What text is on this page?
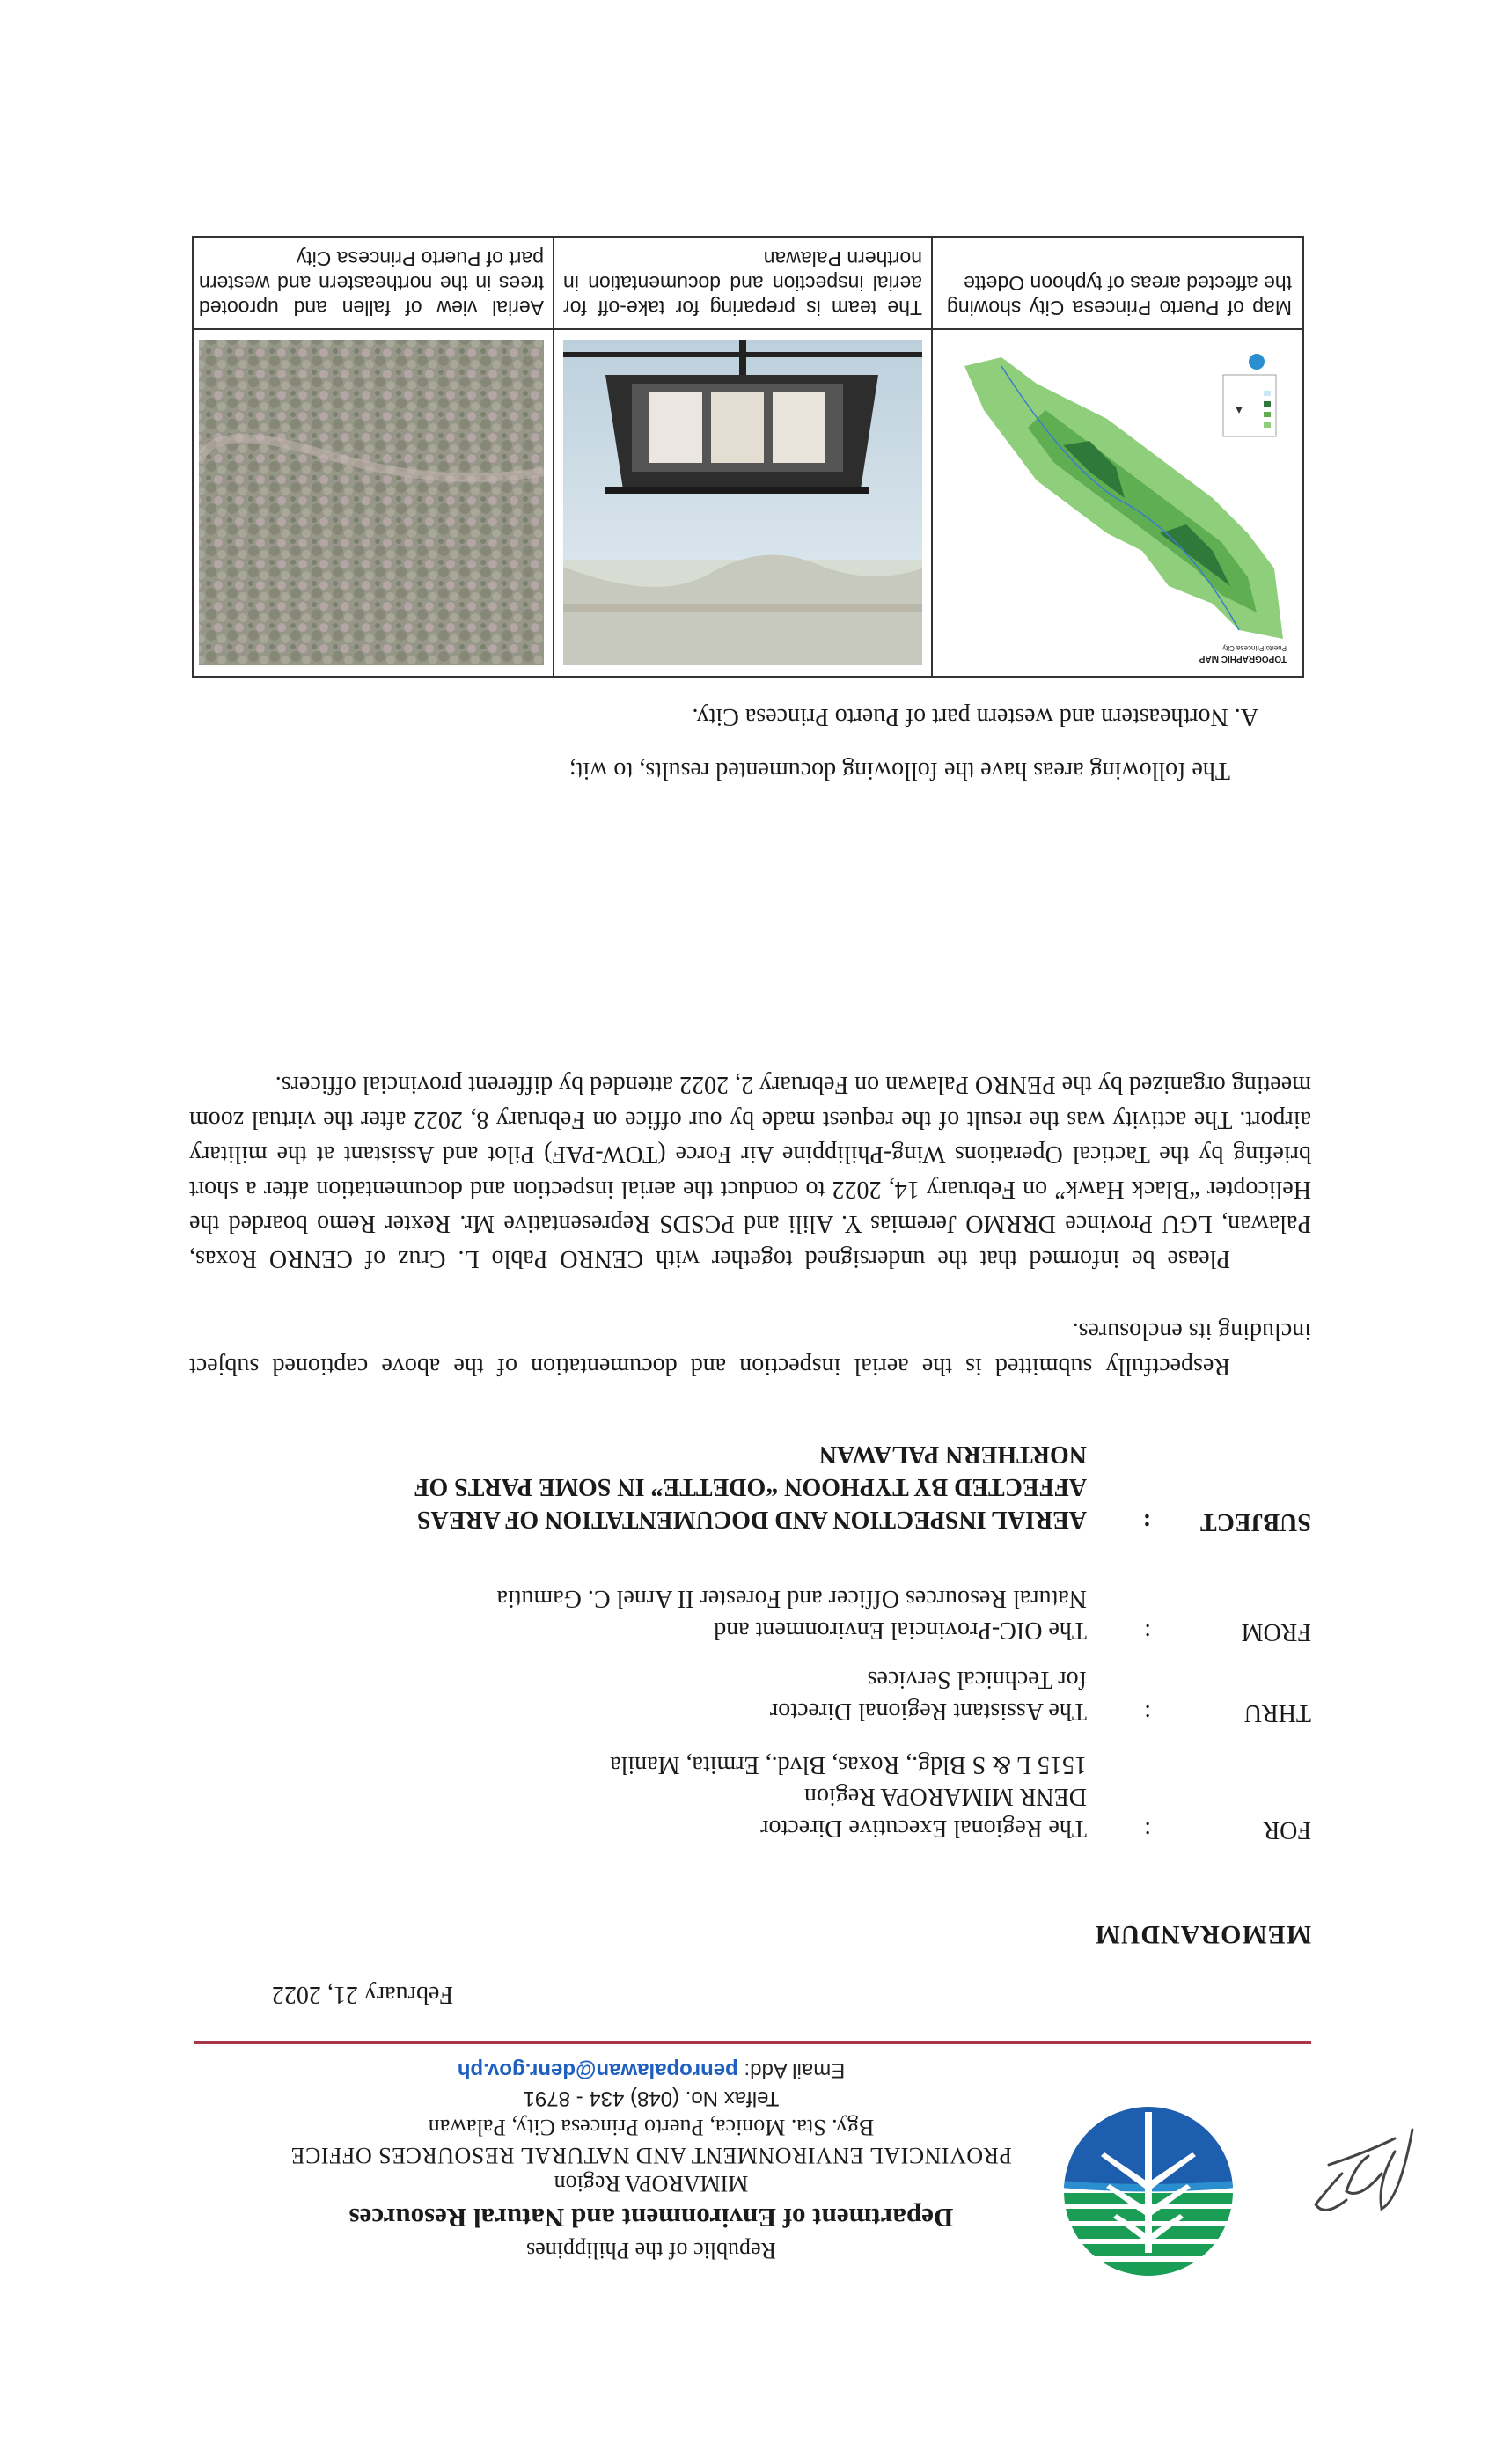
Republic of the Philippines
Department of Environment and Natural Resources
MIMAROPA Region
PROVINCIAL ENVIRONMENT AND NATURAL RESOURCES OFFICE
Bgy. Sta. Monica, Puerto Princesa City, Palawan
Telfax No. (048) 434 - 8791
Email Add: penropalawan@denr.gov.ph
February 21, 2022
MEMORANDUM
FOR
:
The Regional Executive Director
DENR MIMAROPA Region
1515 L & S Bldg., Roxas, Blvd., Ermita, Manila
THRU
:
The Assistant Regional Director
for Technical Services
FROM
:
The OIC-Provincial Environment and
Natural Resources Officer and Forester II Arnel C. Gamutia
SUBJECT
:
AERIAL INSPECTION AND DOCUMENTATION OF AREAS
AFFECTED BY TYPHOON “ODETTE” IN SOME PARTS OF
NORTHERN PALAWAN
Respectfully submitted is the aerial inspection and documentation of the above captioned subject including its enclosures.
Please be informed that the undersigned together with CENRO Pablo L. Cruz of CENRO Roxas, Palawan, LGU Province DRRMO Jeremias Y. Alili and PCSDS Representative Mr. Rexter Remo boarded the Helicopter “Black Hawk” on February 14, 2022 to conduct the aerial inspection and documentation after a short briefing by the Tactical Operations Wing-Philippine Air Force (TOW-PAF) Pilot and Assistant at the military airport. The activity was the result of the request made by our office on February 8, 2022 after the virtual zoom meeting organized by the PENRO Palawan on February 2, 2022 attended by different provincial officers.
The following areas have the following documented results, to wit;
A. Northeastern and western part of Puerto Princesa City.
TOPOGRAPHIC MAP
Puerto Princesa City
Map of Puerto Princesa City showing the affected areas of typhoon Odette
The team is preparing for take-off for aerial inspection and documentation in northern Palawan
Aerial view of fallen and uprooted trees in the northeastern and western part of Puerto Princesa City
